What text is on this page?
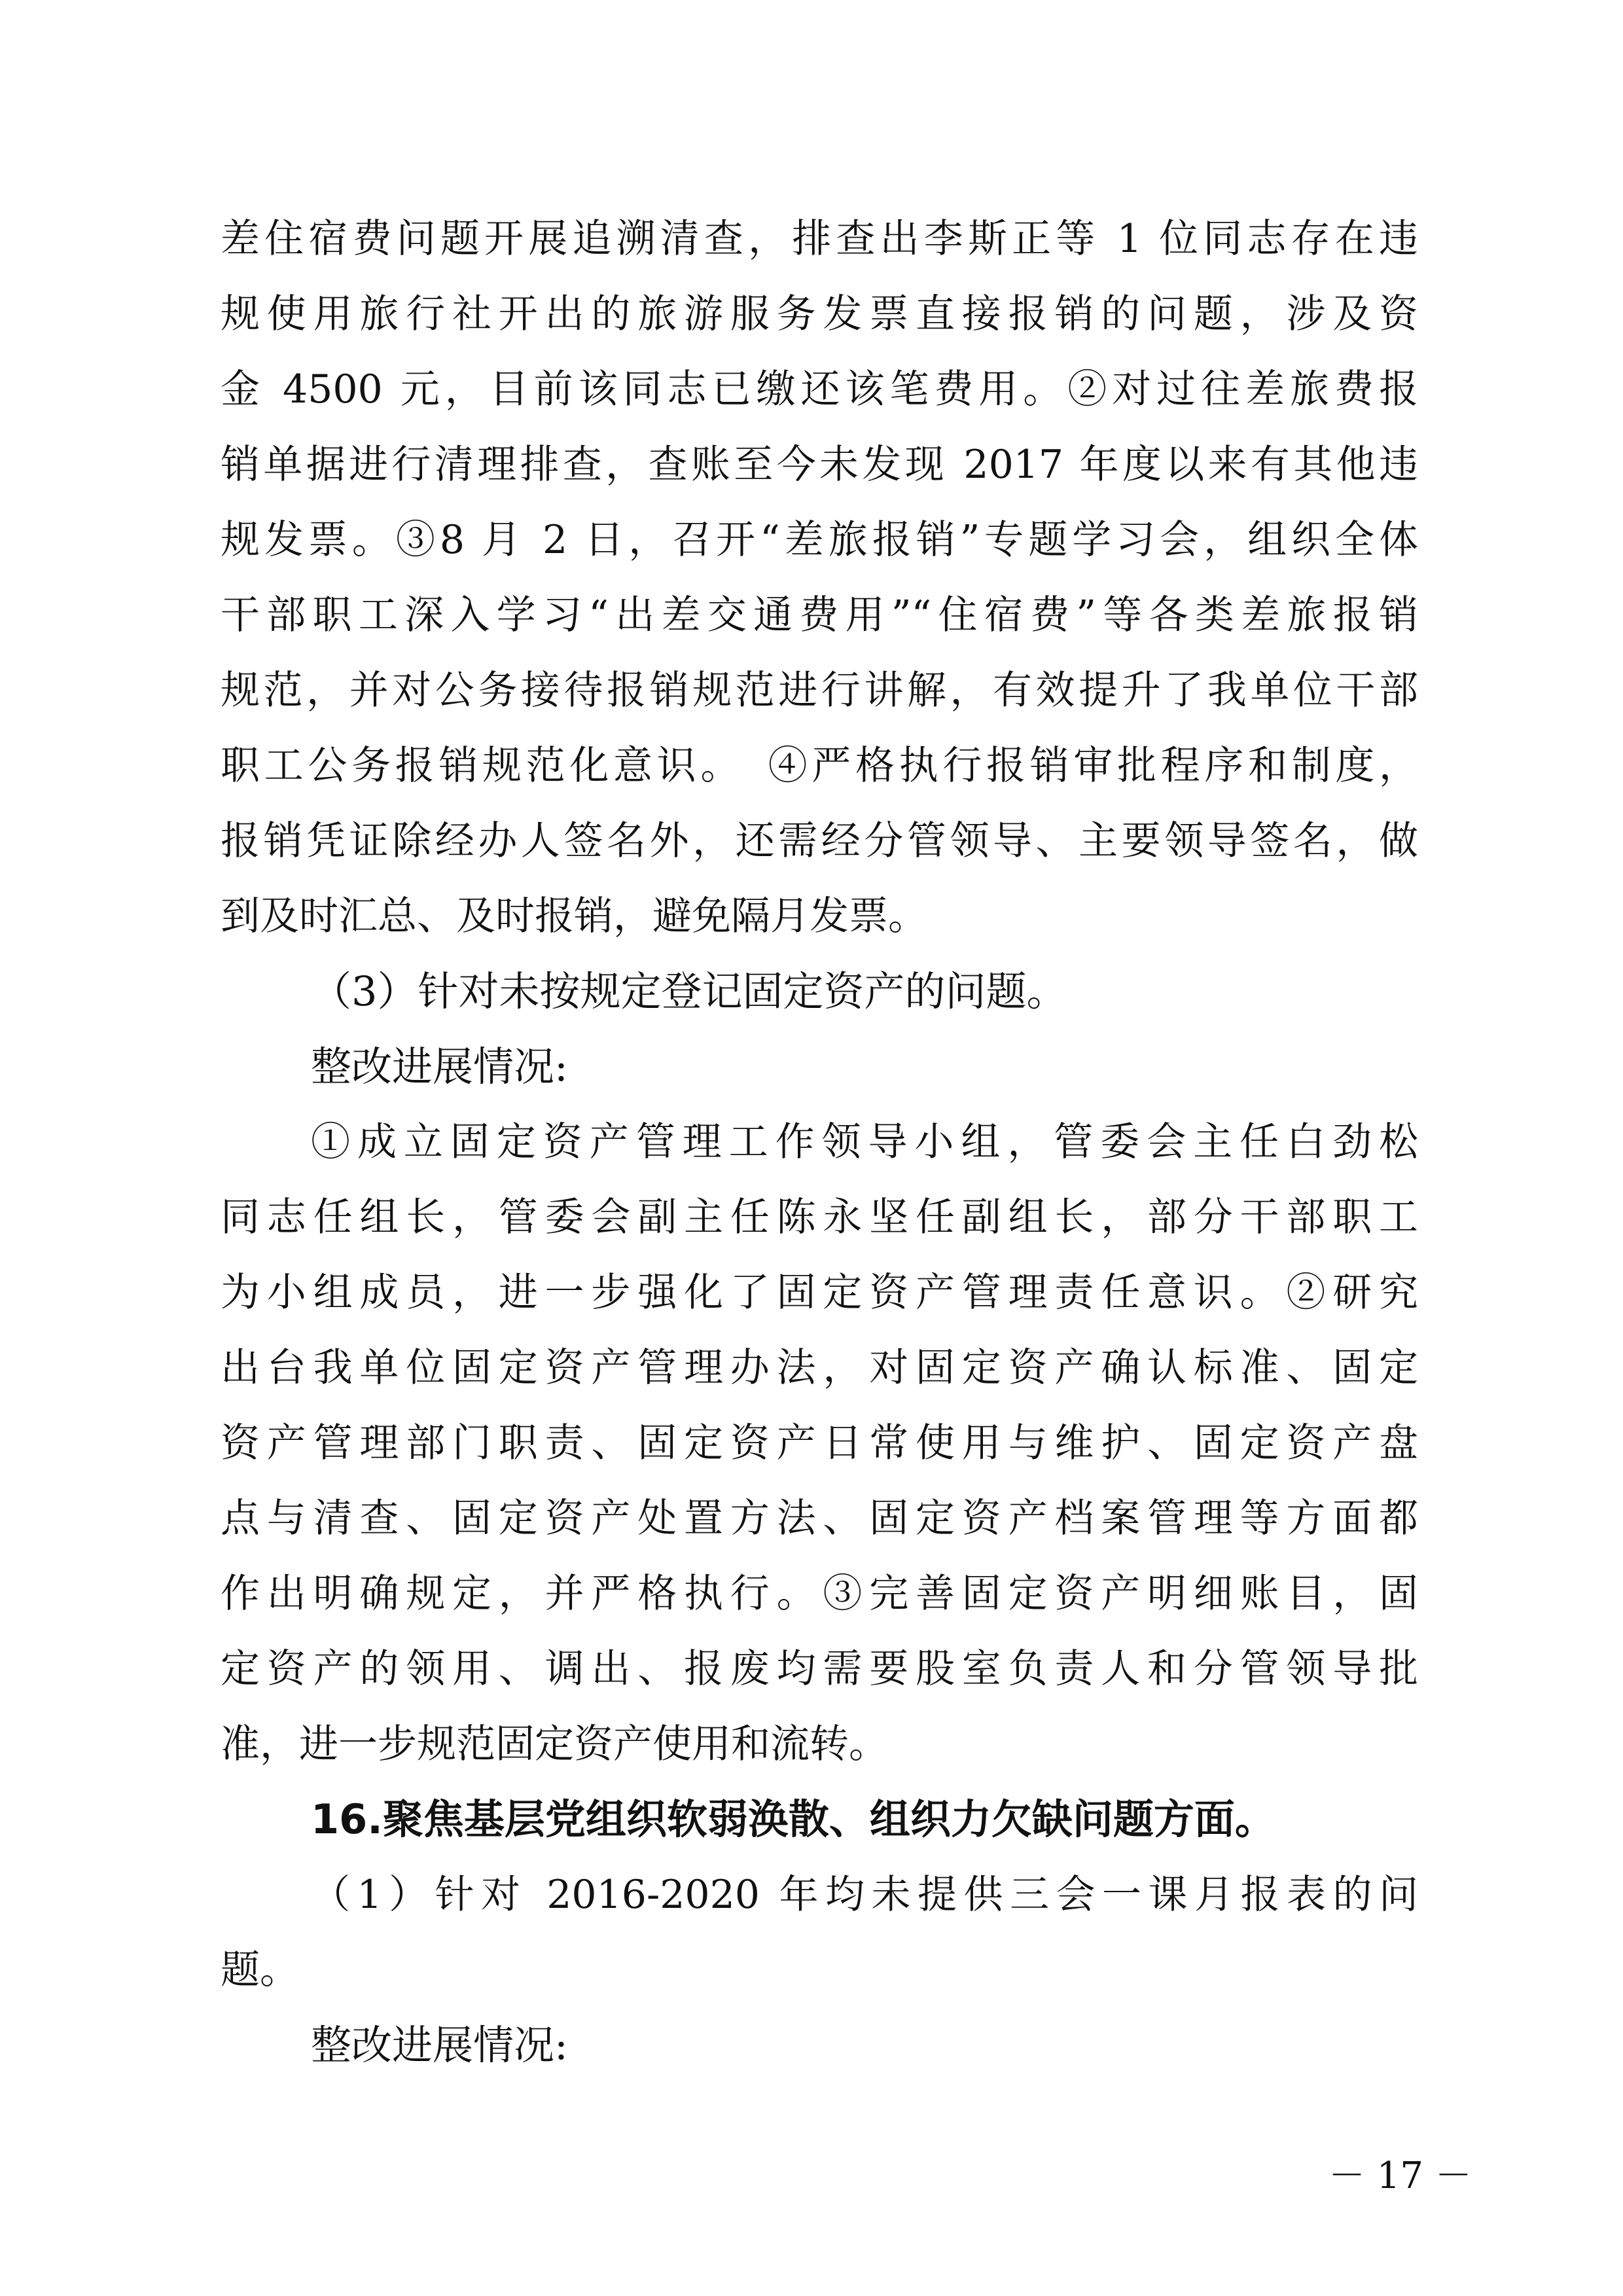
差住宿费问题开展追溯清查，排查出李斯正等 1 位同志存在违
规使用旅行社开出的旅游服务发票直接报销的问题，涉及资
金 4500 元，目前该同志已缴还该笔费用。②对过往差旅费报
销单据进行清理排查，查账至今未发现 2017 年度以来有其他违
规发票。③8 月 2 日，召开“差旅报销”专题学习会，组织全体
干部职工深入学习“出差交通费用”“住宿费”等各类差旅报销
规范，并对公务接待报销规范进行讲解，有效提升了我单位干部
职工公务报销规范化意识。　④严格执行报销审批程序和制度，
报销凭证除经办人签名外，还需经分管领导、主要领导签名，做
到及时汇总、及时报销，避免隔月发票。
（3）针对未按规定登记固定资产的问题。
整改进展情况:
①成立固定资产管理工作领导小组，管委会主任白劲松
同志任组长，管委会副主任陈永坚任副组长，部分干部职工
为小组成员，进一步强化了固定资产管理责任意识。②研究
出台我单位固定资产管理办法，对固定资产确认标准、固定
资产管理部门职责、固定资产日常使用与维护、固定资产盘
点与清查、固定资产处置方法、固定资产档案管理等方面都
作出明确规定，并严格执行。③完善固定资产明细账目，固
定资产的领用、调出、报废均需要股室负责人和分管领导批
准，进一步规范固定资产使用和流转。
16.聚焦基层党组织软弱涣散、组织力欠缺问题方面。
（1）针对 2016-2020 年均未提供三会一课月报表的问
题。
整改进展情况:
－ 17 －
